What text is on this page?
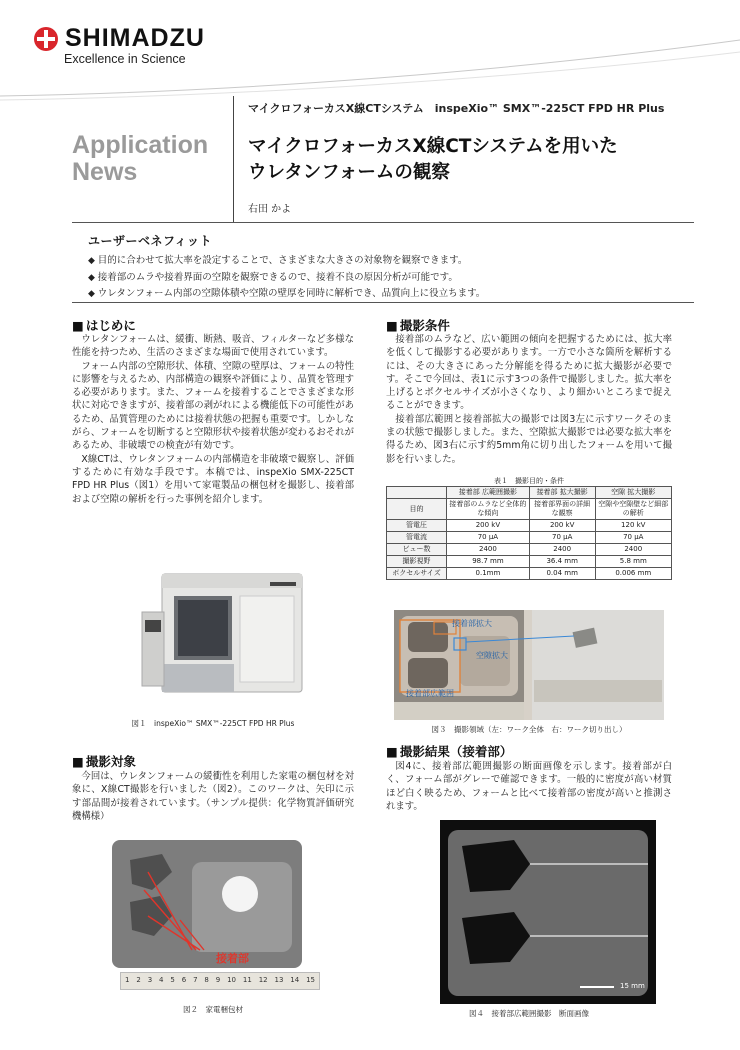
SHIMADZU
Excellence in Science
マイクロフォーカスX線CTシステム　inspeXio™ SMX™-225CT FPD HR Plus
Application
News
マイクロフォーカスX線CTシステムを用いた
ウレタンフォームの観察
右田 かよ
ユーザーベネフィット
◆ 目的に合わせて拡大率を設定することで、さまざまな大きさの対象物を観察できます。
◆ 接着部のムラや接着界面の空隙を観察できるので、接着不良の原因分析が可能です。
◆ ウレタンフォーム内部の空隙体積や空隙の壁厚を同時に解析でき、品質向上に役立ちます。
■ はじめに

ウレタンフォームは、緩衝、断熱、吸音、フィルターなど多様な性能を持つため、生活のさまざまな場面で使用されています。

フォーム内部の空隙形状、体積、空隙の壁厚は、フォームの特性に影響を与えるため、内部構造の観察や評価により、品質を管理する必要があります。また、フォームを接着することでさまざまな形状に対応できますが、接着部の剥がれによる機能低下の可能性があるため、品質管理のためには接着状態の把握も重要です。しかしながら、フォームを切断すると空隙形状や接着状態が変わるおそれがあるため、非破壊での検査が有効です。

X線CTは、ウレタンフォームの内部構造を非破壊で観察し、評価するために有効な手段です。本稿では、inspeXio SMX-225CT FPD HR Plus（図1）を用いて家電製品の梱包材を撮影し、接着部および空隙の解析を行った事例を紹介します。

図１　inspeXio™ SMX™-225CT FPD HR Plus
■ 撮影対象

今回は、ウレタンフォームの緩衝性を利用した家電の梱包材を対象に、X線CT撮影を行いました（図2）。このワークは、矢印に示す部品間が接着されています。（サンプル提供：化学物質評価研究機構様）

接着部
1 2 3 4 5 6 7 8 9 10 11 12 13 14 15
図２　家電梱包材
■ 撮影条件

接着部のムラなど、広い範囲の傾向を把握するためには、拡大率を低くして撮影する必要があります。一方で小さな箇所を解析するには、その大きさにあった分解能を得るために拡大撮影が必要です。そこで今回は、表1に示す3つの条件で撮影しました。拡大率を上げるとボクセルサイズが小さくなり、より細かいところまで捉えることができます。

接着部広範囲と接着部拡大の撮影では図3左に示すワークそのままの状態で撮影しました。また、空隙拡大撮影では必要な拡大率を得るため、図3右に示す約5mm角に切り出したフォームを用いて撮影を行いました。

表１　撮影目的・条件
	接着部 広範囲撮影	接着部 拡大撮影	空隙 拡大撮影
目的	接着部のムラなど全体的な傾向	接着部界面の詳細な観察	空隙や空隙壁など細部の解析
管電圧	200 kV	200 kV	120 kV
管電流	70 µA	70 µA	70 µA
ビュー数	2400	2400	2400
撮影視野	98.7 mm	36.4 mm	5.8 mm
ボクセルサイズ	0.1mm	0.04 mm	0.006 mm
接着部拡大
空隙拡大
接着部広範囲
図３　撮影領域（左：ワーク全体　右：ワーク切り出し）
■ 撮影結果（接着部）

図4に、接着部広範囲撮影の断面画像を示します。接着部が白く、フォーム部がグレーで確認できます。一般的に密度が高い材質ほど白く映るため、フォームと比べて接着部の密度が高いと推測されます。

15 mm
図４　接着部広範囲撮影　断面画像
